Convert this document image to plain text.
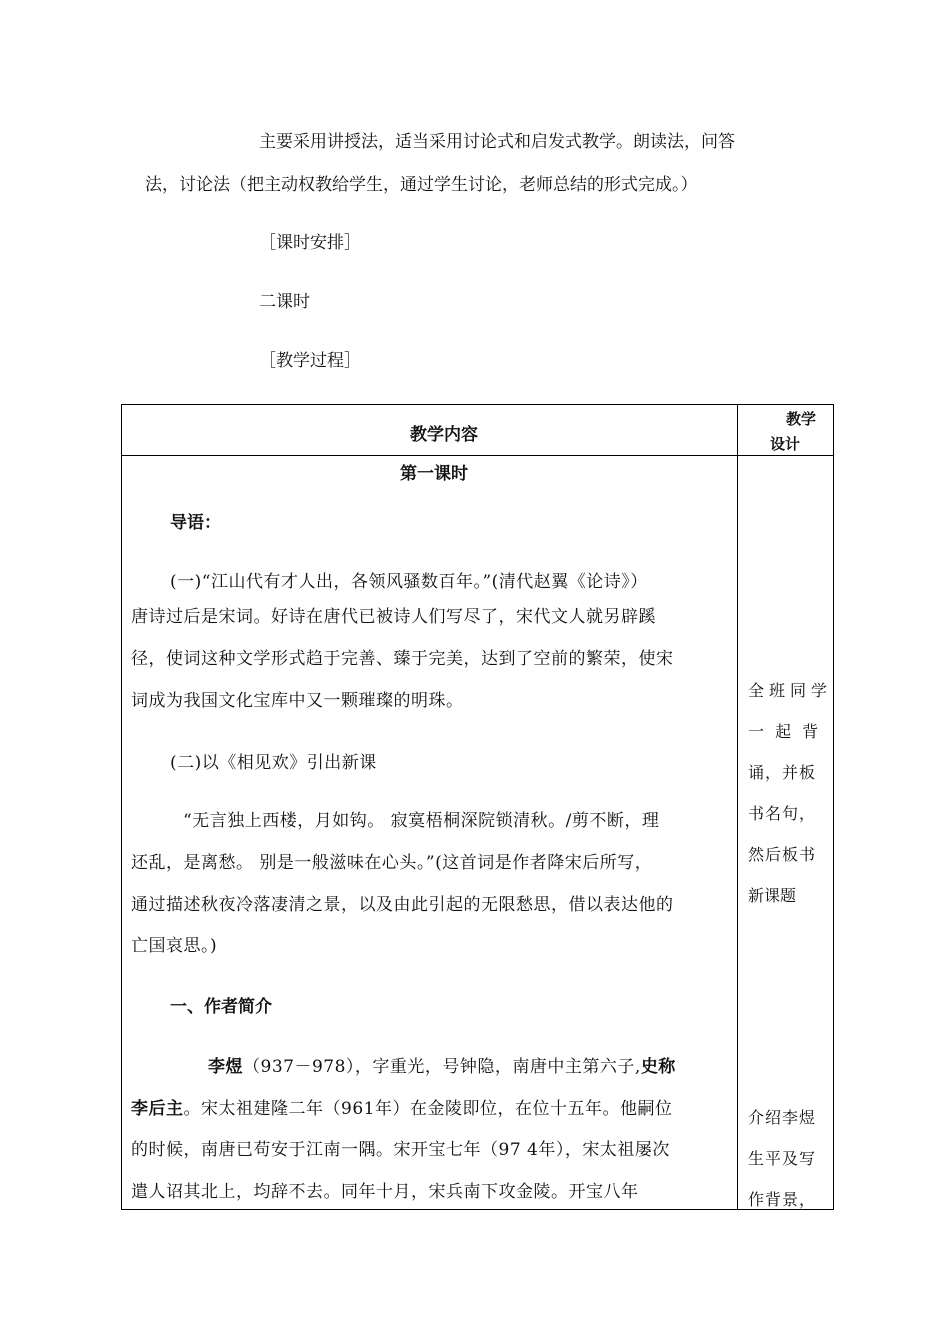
主要采用讲授法，适当采用讨论式和启发式教学。朗读法，问答
法，讨论法（把主动权教给学生，通过学生讨论，老师总结的形式完成。）
［课时安排］
二课时
［教学过程］
教学内容
教学
设计
第一课时
导语：
(一)“江山代有才人出，各领风骚数百年。”(清代赵翼《论诗》）
唐诗过后是宋词。好诗在唐代已被诗人们写尽了，宋代文人就另辟蹊
径，使词这种文学形式趋于完善、臻于完美，达到了空前的繁荣，使宋
词成为我国文化宝库中又一颗璀璨的明珠。
(二)以《相见欢》引出新课
“无言独上西楼，月如钩。 寂寞梧桐深院锁清秋。/剪不断，理
还乱，是离愁。 别是一般滋味在心头。”(这首词是作者降宋后所写，
通过描述秋夜冷落凄清之景，以及由此引起的无限愁思，借以表达他的
亡国哀思。)
一、作者简介
李煜（937－978），字重光，号钟隐，南唐中主第六子,史称
李后主。宋太祖建隆二年（961年）在金陵即位，在位十五年。他嗣位
的时候，南唐已苟安于江南一隅。宋开宝七年（97 4年），宋太祖屡次
遣人诏其北上，均辞不去。同年十月，宋兵南下攻金陵。开宝八年
全班同学
一 起 背
诵，并板
书名句，
然后板书
新课题
介绍李煜
生平及写
作背景，
